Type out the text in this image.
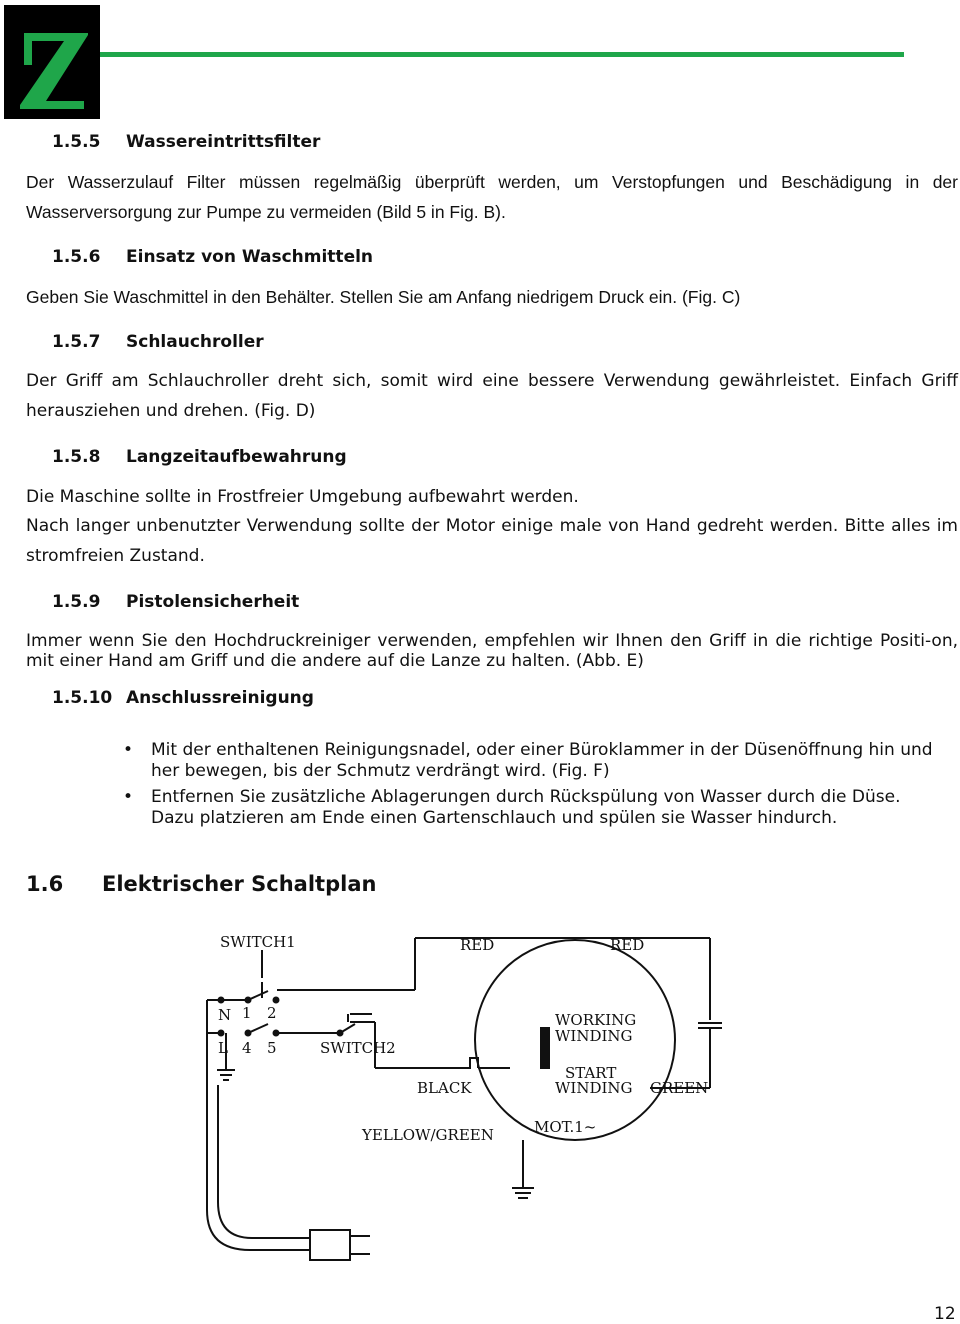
1.5.5 Wassereintrittsfilter
Der Wasserzulauf Filter müssen regelmäßig überprüft werden, um Verstopfungen und Beschädigung in der Wasserversorgung zur Pumpe zu vermeiden (Bild 5 in Fig. B).
1.5.6 Einsatz von Waschmitteln
Geben Sie Waschmittel in den Behälter. Stellen Sie am Anfang niedrigem Druck ein. (Fig. C)
1.5.7 Schlauchroller
Der Griff am Schlauchroller dreht sich, somit wird eine bessere Verwendung gewährleistet. Einfach Griff herausziehen und drehen. (Fig. D)
1.5.8 Langzeitaufbewahrung
Die Maschine sollte in Frostfreier Umgebung aufbewahrt werden.
Nach langer unbenutzter Verwendung sollte der Motor einige male von Hand gedreht werden. Bitte alles im stromfreien Zustand.
1.5.9 Pistolensicherheit
Immer wenn Sie den Hochdruckreiniger verwenden, empfehlen wir Ihnen den Griff in die richtige Positi-on, mit einer Hand am Griff und die andere auf die Lanze zu halten. (Abb. E)
1.5.10 Anschlussreinigung
• Mit der enthaltenen Reinigungsnadel, oder einer Büroklammer in der Düsenöffnung hin und her bewegen, bis der Schmutz verdrängt wird. (Fig. F)
• Entfernen Sie zusätzliche Ablagerungen durch Rückspülung von Wasser durch die Düse. Dazu platzieren am Ende einen Gartenschlauch und spülen sie Wasser hindurch.
1.6 Elektrischer Schaltplan
SWITCH1	RED	RED
N 1 2
L 4 5	SWITCH2
WORKING
WINDING
START
WINDING
BLACK	GREEN
YELLOW/GREEN	MOT.1~
12
